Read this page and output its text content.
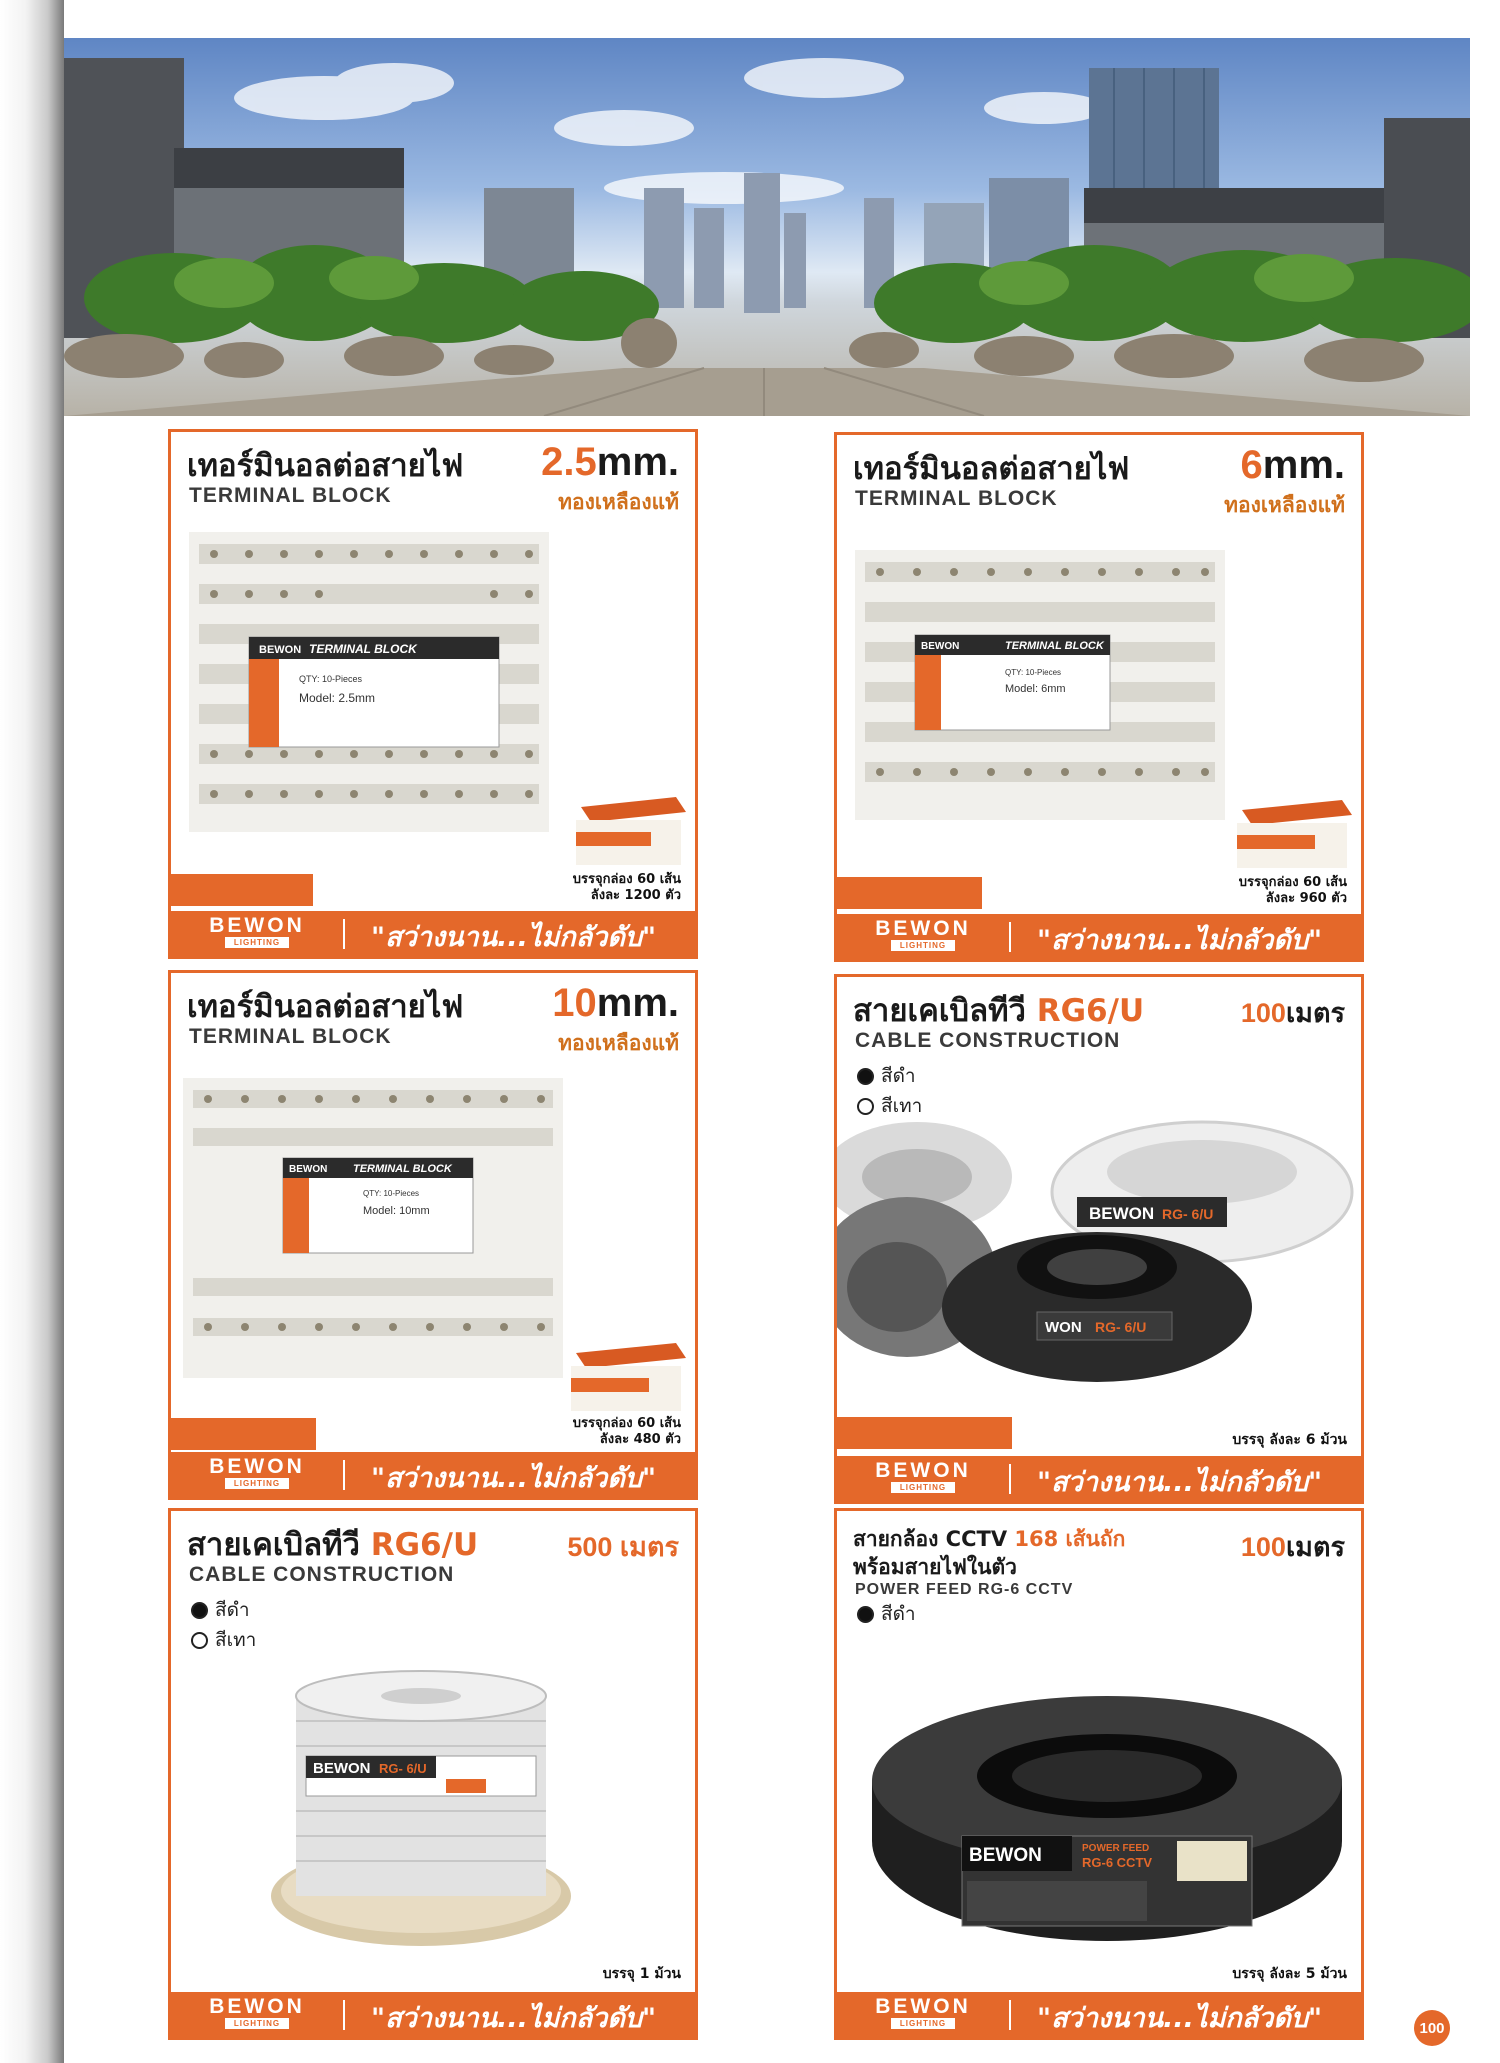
เทอร์มินอลต่อสายไฟ
TERMINAL BLOCK
2.5mm.
ทองเหลืองแท้
BEWON TERMINAL BLOCK
QTY: 10-Pieces
Model: 2.5mm
บรรจุกล่อง 60 เส้น
ลังละ 1200 ตัว
BEWON
LIGHTING	"สว่างนาน...ไม่กลัวดับ"
เทอร์มินอลต่อสายไฟ
TERMINAL BLOCK
6mm.
ทองเหลืองแท้
BEWON	TERMINAL BLOCK
QTY: 10-Pieces
Model: 6mm
บรรจุกล่อง 60 เส้น
ลังละ 960 ตัว
BEWON
LIGHTING	"สว่างนาน...ไม่กลัวดับ"
เทอร์มินอลต่อสายไฟ
TERMINAL BLOCK
10mm.
ทองเหลืองแท้
BEWON TERMINAL BLOCK
QTY: 10-Pieces
Model: 10mm
บรรจุกล่อง 60 เส้น
ลังละ 480 ตัว
BEWON
LIGHTING	"สว่างนาน...ไม่กลัวดับ"
สายเคเบิลทีวี RG6/U
CABLE CONSTRUCTION
100เมตร
สีดำ
สีเทา
BEWON RG- 6/U
WON RG- 6/U
บรรจุ ลังละ 6 ม้วน
BEWON
LIGHTING	"สว่างนาน...ไม่กลัวดับ"
สายเคเบิลทีวี RG6/U
CABLE CONSTRUCTION
500 เมตร
สีดำ
สีเทา
BEWON RG- 6/U
บรรจุ 1 ม้วน
BEWON
LIGHTING	"สว่างนาน...ไม่กลัวดับ"
สายกล้อง CCTV 168 เส้นถัก
พร้อมสายไฟในตัว
POWER FEED RG-6 CCTV
100เมตร
สีดำ
BEWON	POWER FEED
RG-6 CCTV
บรรจุ ลังละ 5 ม้วน
BEWON
LIGHTING	"สว่างนาน...ไม่กลัวดับ"	100
